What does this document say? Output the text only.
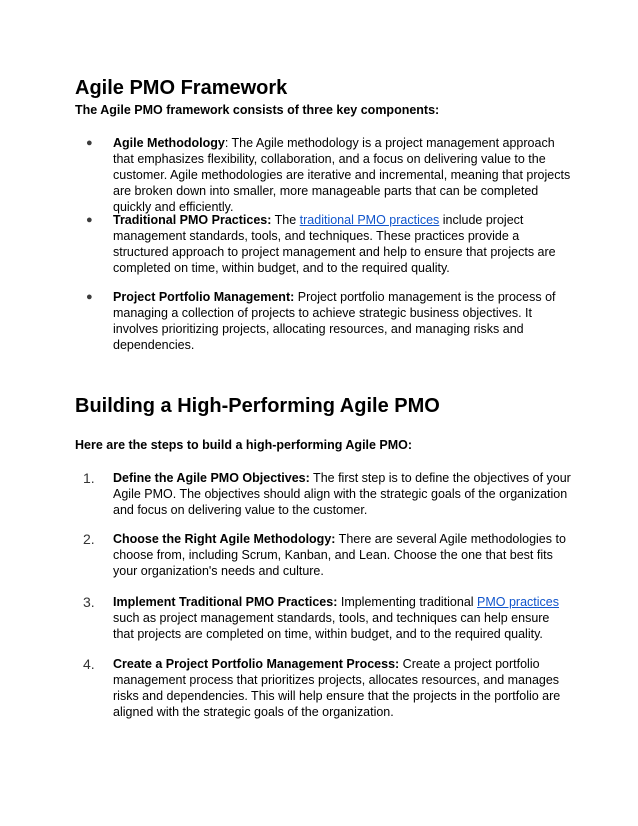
Agile PMO Framework

The Agile PMO framework consists of three key components:

●	Agile Methodology: The Agile methodology is a project management approach that emphasizes flexibility, collaboration, and a focus on delivering value to the customer. Agile methodologies are iterative and incremental, meaning that projects are broken down into smaller, more manageable parts that can be completed quickly and efficiently.
●	Traditional PMO Practices: The traditional PMO practices include project management standards, tools, and techniques. These practices provide a structured approach to project management and help to ensure that projects are completed on time, within budget, and to the required quality.
●	Project Portfolio Management: Project portfolio management is the process of managing a collection of projects to achieve strategic business objectives. It involves prioritizing projects, allocating resources, and managing risks and dependencies.
Building a High-Performing Agile PMO

Here are the steps to build a high-performing Agile PMO:

1.	Define the Agile PMO Objectives: The first step is to define the objectives of your Agile PMO. The objectives should align with the strategic goals of the organization and focus on delivering value to the customer.
2.	Choose the Right Agile Methodology: There are several Agile methodologies to choose from, including Scrum, Kanban, and Lean. Choose the one that best fits your organization's needs and culture.
3.	Implement Traditional PMO Practices: Implementing traditional PMO practices such as project management standards, tools, and techniques can help ensure that projects are completed on time, within budget, and to the required quality.
4.	Create a Project Portfolio Management Process: Create a project portfolio management process that prioritizes projects, allocates resources, and manages risks and dependencies. This will help ensure that the projects in the portfolio are aligned with the strategic goals of the organization.
